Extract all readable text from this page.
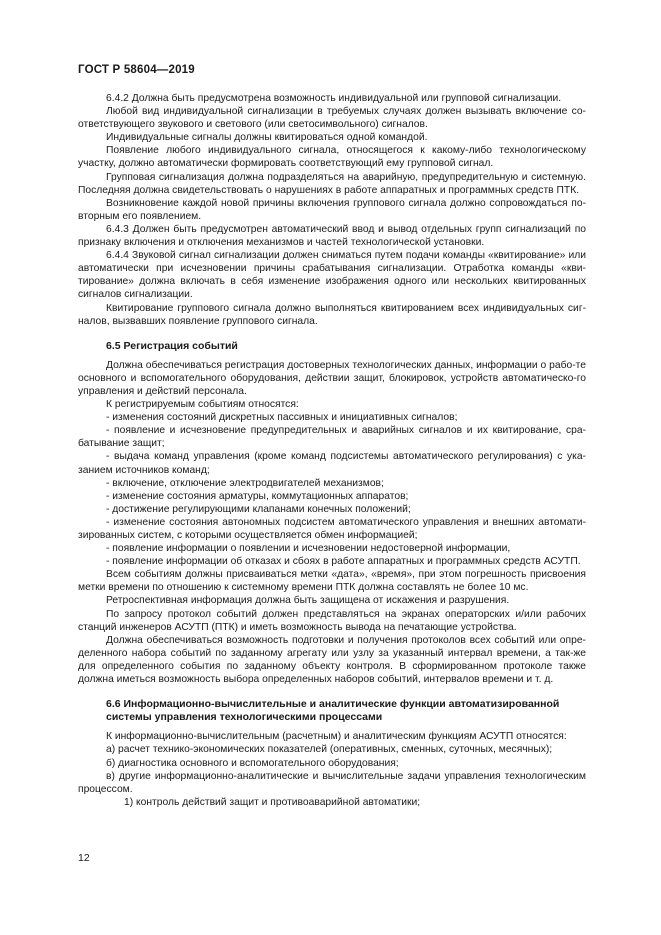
ГОСТ Р 58604—2019

6.4.2 Должна быть предусмотрена возможность индивидуальной или групповой сигнализации.

Любой вид индивидуальной сигнализации в требуемых случаях должен вызывать включение со-ответствующего звукового и светового (или светосимвольного) сигналов.

Индивидуальные сигналы должны квитироваться одной командой.

Появление любого индивидуального сигнала, относящегося к какому-либо технологическому участку, должно автоматически формировать соответствующий ему групповой сигнал.

Групповая сигнализация должна подразделяться на аварийную, предупредительную и системную. Последняя должна свидетельствовать о нарушениях в работе аппаратных и программных средств ПТК.

Возникновение каждой новой причины включения группового сигнала должно сопровождаться по-вторным его появлением.

6.4.3 Должен быть предусмотрен автоматический ввод и вывод отдельных групп сигнализаций по признаку включения и отключения механизмов и частей технологической установки.

6.4.4 Звуковой сигнал сигнализации должен сниматься путем подачи команды «квитирование» или автоматически при исчезновении причины срабатывания сигнализации. Отработка команды «кви-тирование» должна включать в себя изменение изображения одного или нескольких квитированных сигналов сигнализации.

Квитирование группового сигнала должно выполняться квитированием всех индивидуальных сиг-налов, вызвавших появление группового сигнала.

6.5 Регистрация событий

Должна обеспечиваться регистрация достоверных технологических данных, информации о рабо-те основного и вспомогательного оборудования, действии защит, блокировок, устройств автоматическо-го управления и действий персонала.

К регистрируемым событиям относятся:

- изменения состояний дискретных пассивных и инициативных сигналов;

- появление и исчезновение предупредительных и аварийных сигналов и их квитирование, сра-батывание защит;

- выдача команд управления (кроме команд подсистемы автоматического регулирования) с ука-занием источников команд;

- включение, отключение электродвигателей механизмов;

- изменение состояния арматуры, коммутационных аппаратов;

- достижение регулирующими клапанами конечных положений;

- изменение состояния автономных подсистем автоматического управления и внешних автомати-зированных систем, с которыми осуществляется обмен информацией;

- появление информации о появлении и исчезновении недостоверной информации,

- появление информации об отказах и сбоях в работе аппаратных и программных средств АСУТП.

Всем событиям должны присваиваться метки «дата», «время», при этом погрешность присвоения метки времени по отношению к системному времени ПТК должна составлять не более 10 мс.

Ретроспективная информация должна быть защищена от искажения и разрушения.

По запросу протокол событий должен представляться на экранах операторских и/или рабочих станций инженеров АСУТП (ПТК) и иметь возможность вывода на печатающие устройства.

Должна обеспечиваться возможность подготовки и получения протоколов всех событий или опре-деленного набора событий по заданному агрегату или узлу за указанный интервал времени, а так-же для определенного события по заданному объекту контроля. В сформированном протоколе также должна иметься возможность выбора определенных наборов событий, интервалов времени и т. д.

6.6 Информационно-вычислительные и аналитические функции автоматизированной системы управления технологическими процессами

К информационно-вычислительным (расчетным) и аналитическим функциям АСУТП относятся:

а) расчет технико-экономических показателей (оперативных, сменных, суточных, месячных);

б) диагностика основного и вспомогательного оборудования;

в) другие информационно-аналитические и вычислительные задачи управления технологическим процессом.

1) контроль действий защит и противоаварийной автоматики;

12
